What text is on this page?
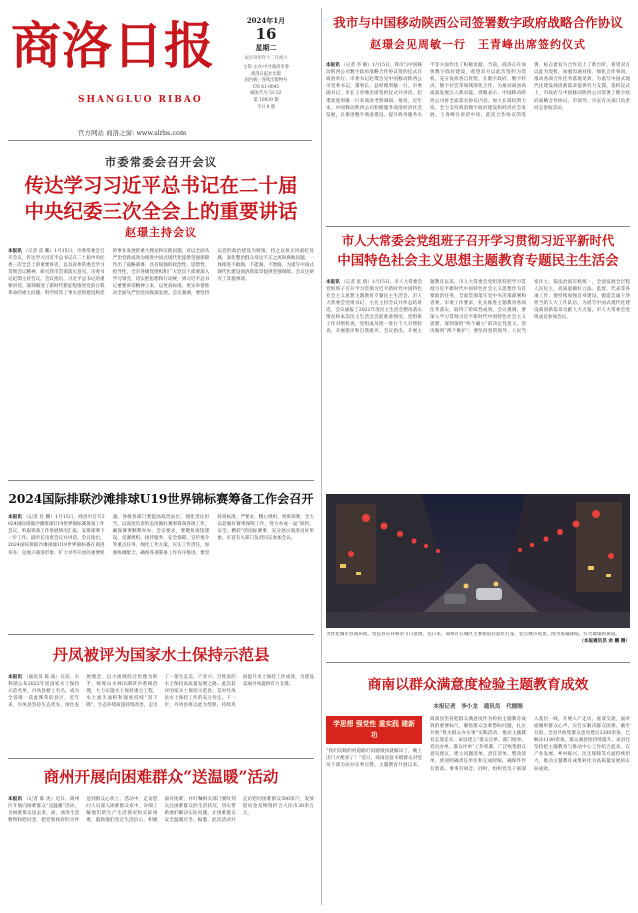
商洛日报
SHANGLUO RIBAO
官方网站 商洛之窗: www.slrbs.com
2024年1月
16
星期二
农历癸卯年十二月初六
主管:主办:中共商洛市委
商洛日报社出版
国内统一连续出版物号
CN 61-0045
邮发代号 51-32
第 10939 期
今日 8 版
我市与中国移动陕西公司签署数字政府战略合作协议
赵璟会见周敏一行　王青峰出席签约仪式
本报讯 （记者 李 敏）1月15日，我市与中国移动陕西公司数字政府战略合作协议签约仪式在商洛举行。市委书记赵璟会见中国移动陕西公司党委书记、董事长、总经理周敏一行。市委副书记、市长王青峰出席签约仪式并讲话。赵璟欢迎周敏一行来商洛考察调研。他说，近年来，中国移动陕西公司积极服务商洛经济社会发展，在推进数字商洛建设、提升政务服务水平等方面作出了积极贡献。当前，商洛正在加快数字政府建设，希望双方以此次签约为契机，充分发挥各自优势，在数字政府、数字经济、数字社会等领域深化合作，为推动商洛高质量发展注入新动能。周敏表示，中国移动陕西公司将全面落实协议内容，加大在商投资力度，全力支持商洛数字政府建设和经济社会发展。王青峰在讲话中说，此次合作协议的签署，标志着双方合作迈上了新台阶。希望双方以此为契机，加强沟通对接，细化合作事项，推动各项合作任务落地见效，为谱写中国式现代化建设商洛新篇章提供有力支撑。签约仪式上，市政府与中国移动陕西公司签署了数字政府战略合作协议。市领导、市直有关部门负责同志参加活动。
市委常委会召开会议
传达学习习近平总书记在二十届
中央纪委三次全会上的重要讲话
赵璟主持会议
本报讯 （记者 雷 鹏）1月15日，市委常委会召开会议，传达学习习近平总书记在二十届中央纪委三次全会上的重要讲话，以及省委常委会学习贯彻会议精神，研究我市贯彻落实意见。市委书记赵璟主持会议。会议指出，习近平总书记的重要讲话，深刻阐述了新时代新征程推进党的自我革命的重大问题，科学回答了事关党的建设和党的事业发展的重大理论和实践问题，对以全面从严治党新成效为推进中国式现代化提供坚强保障作出了战略部署，具有很强的政治性、思想性、指导性。全市各级党组织和广大党员干部要深入学习领会，切实把思想和行动统一到习近平总书记重要讲话精神上来，以更高标准、更实举措推动全面从严治党向纵深发展。会议强调，要坚持以党的政治建设为统领，持之以恒正风肃纪反腐，深化整治群众身边不正之风和腐败问题，一体推进不敢腐、不能腐、不想腐，为谱写中国式现代化建设商洛新篇章提供坚强保障。会议还研究了其他事项。
市人大常委会党组班子召开学习贯彻习近平新时代
中国特色社会主义思想主题教育专题民主生活会
本报讯 （记者 张 倩）1月15日，市人大常委会党组班子召开学习贯彻习近平新时代中国特色社会主义思想主题教育专题民主生活会。市人大常委会党组书记、主任主持会议并作总结讲话。会议通报了2022年度民主生活会整改落实情况和本次民主生活会会前准备情况，党组班子作对照检查，党组成员逐一进行个人对照检查，开展批评和自我批评。会议指出，开展主题教育以来，市人大常委会党组坚持把学习贯彻习近平新时代中国特色社会主义思想作为首要政治任务，全面贯彻落实党中央决策部署和省委、市委工作要求，扎实推进主题教育各项任务落实，取得了阶段性成效。会议强调，要深入学习贯彻习近平新时代中国特色社会主义思想，深刻领悟“两个确立”的决定性意义，坚决做到“两个维护”；要坚持党的领导、人民当家作主、依法治国有机统一，全面发展全过程人民民主，高质量做好立法、监督、代表等各项工作；要持续加强自身建设，锻造忠诚干净担当的人大工作队伍，为谱写中国式现代化建设商洛新篇章贡献人大力量。市人大常委会党组成员参加会议。
2024国际排联沙滩排球U19世界锦标赛筹备工作会召开
本报讯 （记者 肖 鹏）1月15日，商洛市召开2024国际排联沙滩排球U19世界锦标赛筹备工作会议，听取筹备工作进展情况汇报，安排部署下一步工作。副市长出席会议并讲话。会议指出，2024国际排联沙滩排球U19世界锦标赛在商洛举办，是展示商洛形象、扩大对外开放的重要机遇。各级各部门要提高政治站位，强化责任担当，以高度负责的态度做好赛事筹备各项工作，确保赛事顺利举办。会议要求，要聚焦场馆建设、竞赛组织、接待服务、安全保障、宣传推介等重点任务，细化工作方案，压实工作责任，加强协调配合，确保各项筹备工作有序推进。要坚持高标准、严要求，精心组织、周密部署，全力以赴做好赛事保障工作，努力办成一届“简约、安全、精彩”的国际赛事，充分展示商洛良好形象。市直有关部门负责同志参加会议。
为优化城市营商环境，营造喜庆祥和的节日氛围，连日来，商州区在城区主要街道挂起红灯笼，装点城市夜景。图为夜幕降临，灯火璀璨的街道。
（本报通讯员 余 鹏 摄）
丹凤被评为国家水土保持示范县
本报讯 （通讯员 陈 波）日前，水利部公布2023年度国家水土保持示范名单，丹凤县榜上有名，成为全省唯一获此殊荣的县区。近年来，丹凤县坚持生态优先、绿色发展理念，以小流域综合治理为抓手，统筹山水林田湖草沙系统治理，大力实施水土保持重点工程，水土流失面积和强度持续“双下降”，生态环境质量持续改善，走出了一条生态美、产业兴、百姓富的水土保持高质量发展之路。此次获评国家水土保持示范县，是对丹凤县水土保持工作的充分肯定。下一步，丹凤县将以此为契机，持续巩固提升水土保持工作成效，为建设美丽丹凤提供有力支撑。
商州开展向困难群众“送温暖”活动
本报讯 （记者 陈 虎）近日，商州区开展向困难群众“送温暖”活动，为困难群众送去米、面、油等生活物资和慰问金，把党和政府的关怀送到群众心坎上。活动中，走访慰问人员深入困难群众家中，详细了解他们的生产生活情况和实际困难，鼓励他们坚定生活信心，积极面对困难，并叮嘱相关部门要时刻关注困难群众的生活状况，切实帮助他们解决实际问题，让困难群众安全温暖过冬。据悉，此次活动共走访慰问困难群众500余户，发放慰问金及物资折合人民币30余万元。
商南以群众满意度检验主题教育成效
本报记者　李小龙　通讯员　代德刚
学思想 强党性 重实践 建新功
“我们反映的村道路灯问题很快就解决了，晚上出门方便多了！”近日，商南县富水镇群众对党员干部为民办实事点赞。主题教育开展以来，商南县坚持把群众满意度作为检验主题教育成效的重要标尺，聚焦群众急难愁盼问题，扎实开展“我为群众办实事”实践活动，推动主题教育走深走实。该县建立“群众点单、部门接单、党员办单、群众评单”工作机制，广泛收集群众意见建议，建立问题清单、责任清单、整改清单，逐项明确责任单位和完成时限，确保件件有着落、事事有回音。同时，组织党员干部深入基层一线，开展入户走访、座谈交流，面对面倾听群众心声，实打实解决群众困难。截至目前，全县共收集群众意见建议1200余条，已解决1100余条，群众满意度持续提升。该县还坚持把主题教育与推动中心工作结合起来，在产业发展、乡村振兴、民生保障等方面持续用力，推动主题教育成果转化为高质量发展的实际成效。
